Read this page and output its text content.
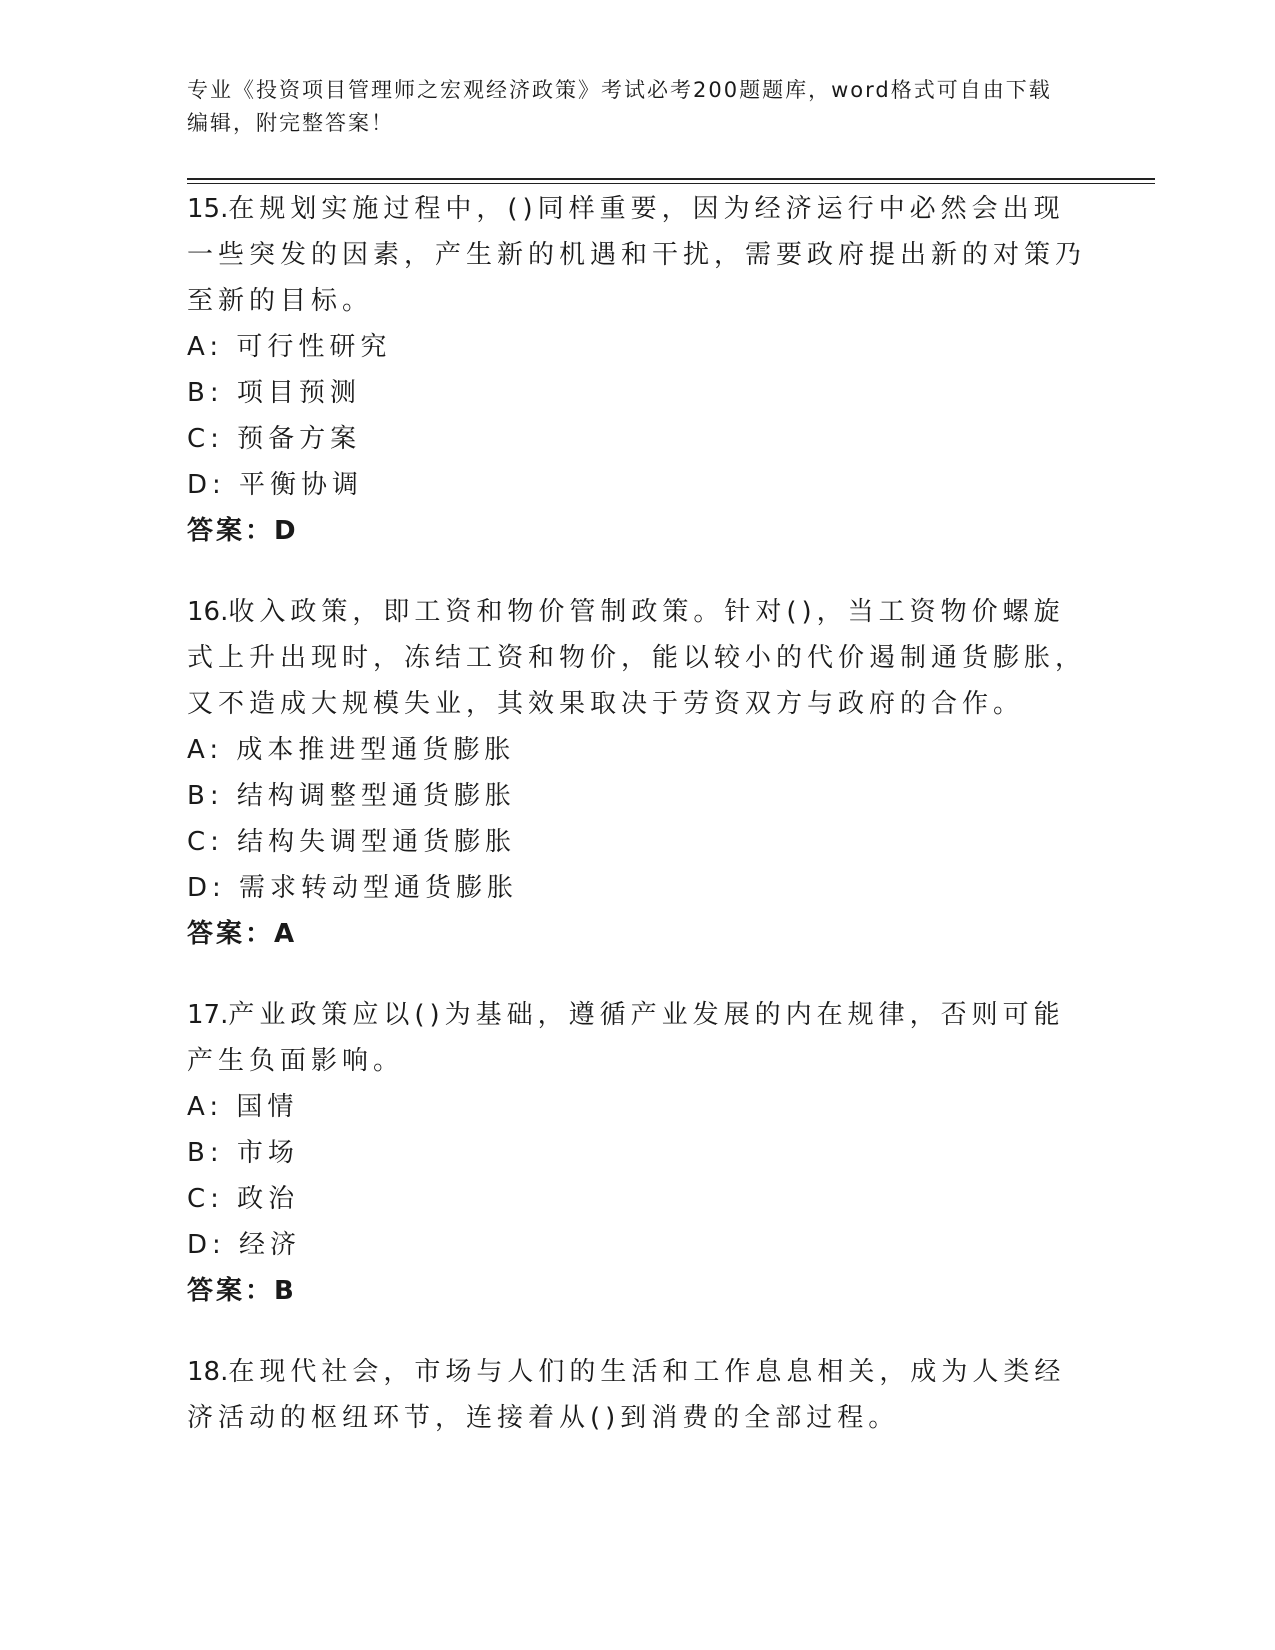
专业《投资项目管理师之宏观经济政策》考试必考200题题库，word格式可自由下载编辑，附完整答案！
15.在规划实施过程中，()同样重要，因为经济运行中必然会出现一些突发的因素，产生新的机遇和干扰，需要政府提出新的对策乃至新的目标。
A: 可行性研究
B: 项目预测
C: 预备方案
D: 平衡协调
答案：D
16.收入政策，即工资和物价管制政策。针对()，当工资物价螺旋式上升出现时，冻结工资和物价，能以较小的代价遏制通货膨胀，又不造成大规模失业，其效果取决于劳资双方与政府的合作。
A: 成本推进型通货膨胀
B: 结构调整型通货膨胀
C: 结构失调型通货膨胀
D: 需求转动型通货膨胀
答案：A
17.产业政策应以()为基础，遵循产业发展的内在规律，否则可能产生负面影响。
A: 国情
B: 市场
C: 政治
D: 经济
答案：B
18.在现代社会，市场与人们的生活和工作息息相关，成为人类经济活动的枢纽环节，连接着从()到消费的全部过程。
